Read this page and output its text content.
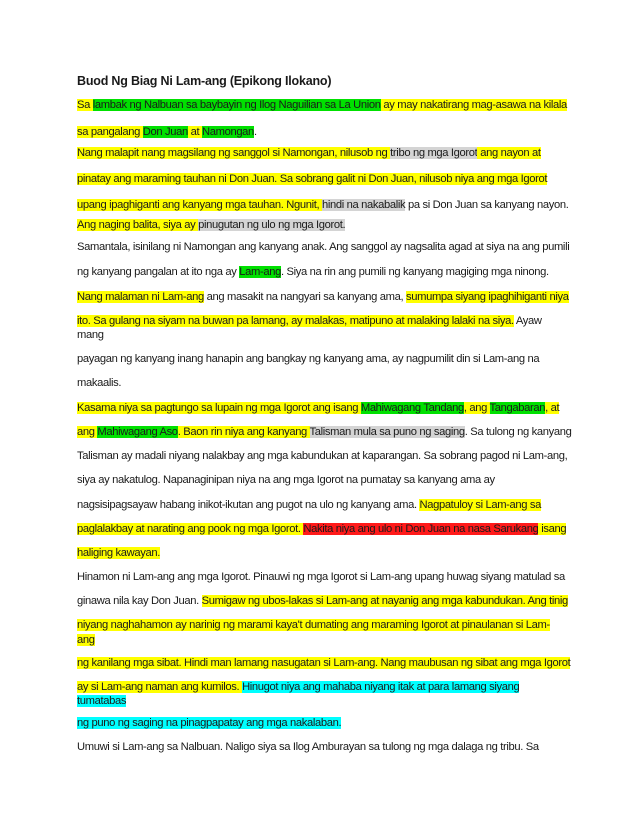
Buod Ng Biag Ni Lam-ang (Epikong Ilokano)
Sa lambak ng Nalbuan sa baybayin ng Ilog Naguilian sa La Union ay may nakatirang mag-asawa na kilala
sa pangalang Don Juan at Namongan.
Nang malapit nang magsilang ng sanggol si Namongan, nilusob ng tribo ng mga Igorot ang nayon at
pinatay ang maraming tauhan ni Don Juan. Sa sobrang galit ni Don Juan, nilusob niya ang mga Igorot
upang ipaghiganti ang kanyang mga tauhan. Ngunit, hindi na nakabalik pa si Don Juan sa kanyang nayon.
Ang naging balita, siya ay pinugutan ng ulo ng mga Igorot.
Samantala, isinilang ni Namongan ang kanyang anak. Ang sanggol ay nagsalita agad at siya na ang pumili
ng kanyang pangalan at ito nga ay Lam-ang. Siya na rin ang pumili ng kanyang magiging mga ninong.
Nang malaman ni Lam-ang ang masakit na nangyari sa kanyang ama, sumumpa siyang ipaghihiganti niya
ito. Sa gulang na siyam na buwan pa lamang, ay malakas, matipuno at malaking lalaki na siya. Ayaw
mang
payagan ng kanyang inang hanapin ang bangkay ng kanyang ama, ay nagpumilit din si Lam-ang na
makaalis.
Kasama niya sa pagtungo sa lupain ng mga Igorot ang isang Mahiwagang Tandang, ang Tangabaran, at
ang Mahiwagang Aso. Baon rin niya ang kanyang Talisman mula sa puno ng saging. Sa tulong ng kanyang
Talisman ay madali niyang nalakbay ang mga kabundukan at kaparangan. Sa sobrang pagod ni Lam-ang,
siya ay nakatulog. Napanaginipan niya na ang mga Igorot na pumatay sa kanyang ama ay
nagsisipagsayaw habang inikot-ikutan ang pugot na ulo ng kanyang ama. Nagpatuloy si Lam-ang sa
paglalakbay at narating ang pook ng mga Igorot. Nakita niya ang ulo ni Don Juan na nasa Sarukang isang
haliging kawayan.
Hinamon ni Lam-ang ang mga Igorot. Pinauwi ng mga Igorot si Lam-ang upang huwag siyang matulad sa
ginawa nila kay Don Juan. Sumigaw ng ubos-lakas si Lam-ang at nayanig ang mga kabundukan. Ang tinig
niyang naghahamon ay narinig ng marami kaya't dumating ang maraming Igorot at pinaulanan si Lam-
ang
ng kanilang mga sibat. Hindi man lamang nasugatan si Lam-ang. Nang maubusan ng sibat ang mga Igorot
ay si Lam-ang naman ang kumilos. Hinugot niya ang mahaba niyang itak at para lamang siyang
tumatabas
ng puno ng saging na pinagpapatay ang mga nakalaban.
Umuwi si Lam-ang sa Nalbuan. Naligo siya sa Ilog Amburayan sa tulong ng mga dalaga ng tribu. Sa
